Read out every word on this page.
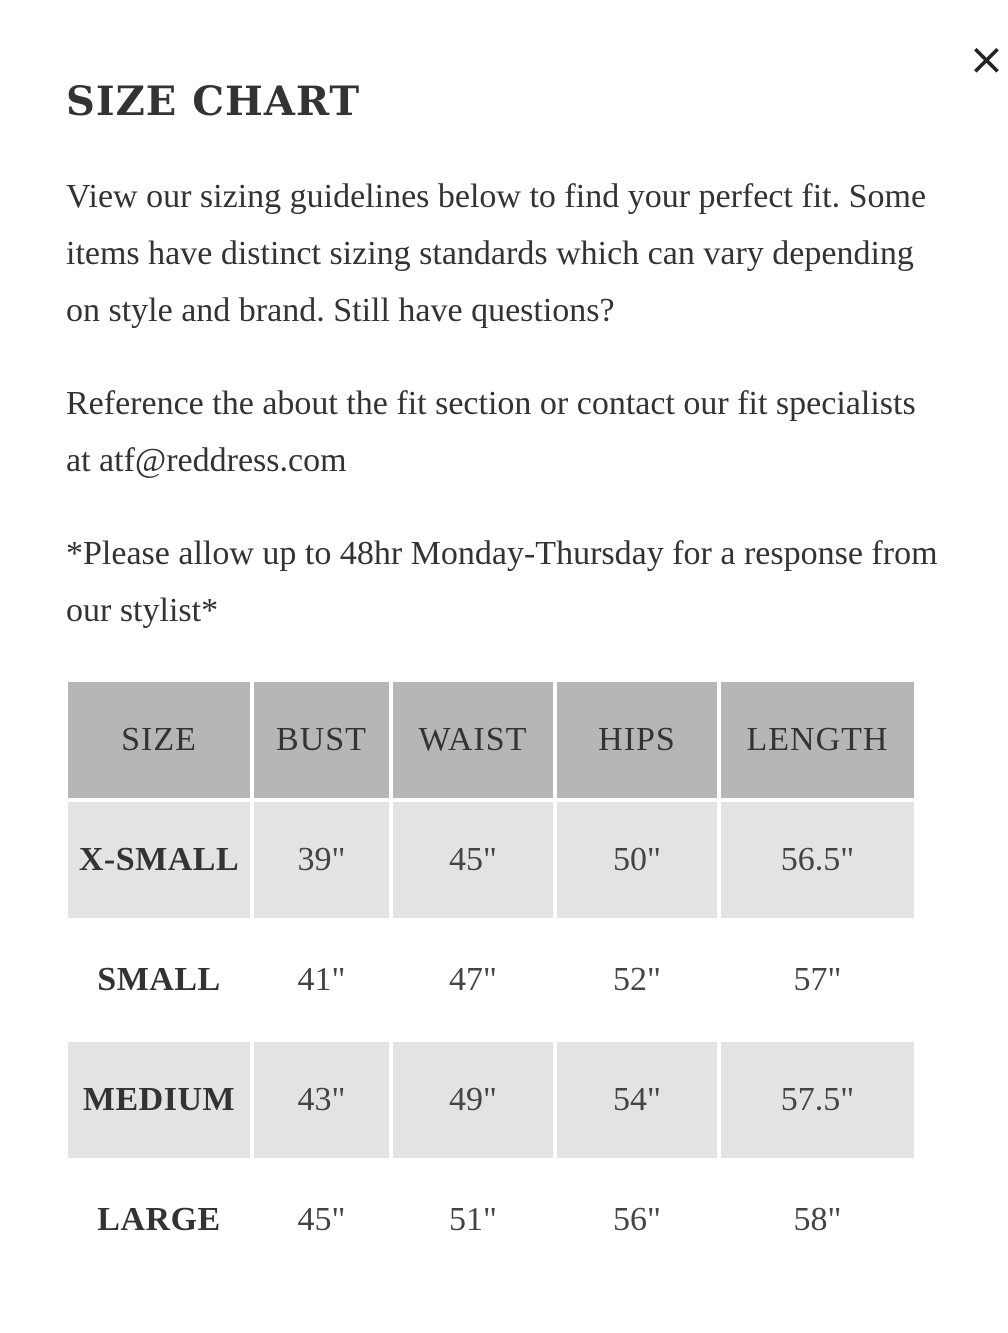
×
SIZE CHART

View our sizing guidelines below to find your perfect fit. Some items have distinct sizing standards which can vary depending on style and brand. Still have questions?

Reference the about the fit section or contact our fit specialists at atf@reddress.com

*Please allow up to 48hr Monday-Thursday for a response from our stylist*

SIZE	BUST	WAIST	HIPS	LENGTH
X-SMALL	39"	45"	50"	56.5"
SMALL	41"	47"	52"	57"
MEDIUM	43"	49"	54"	57.5"
LARGE	45"	51"	56"	58"
